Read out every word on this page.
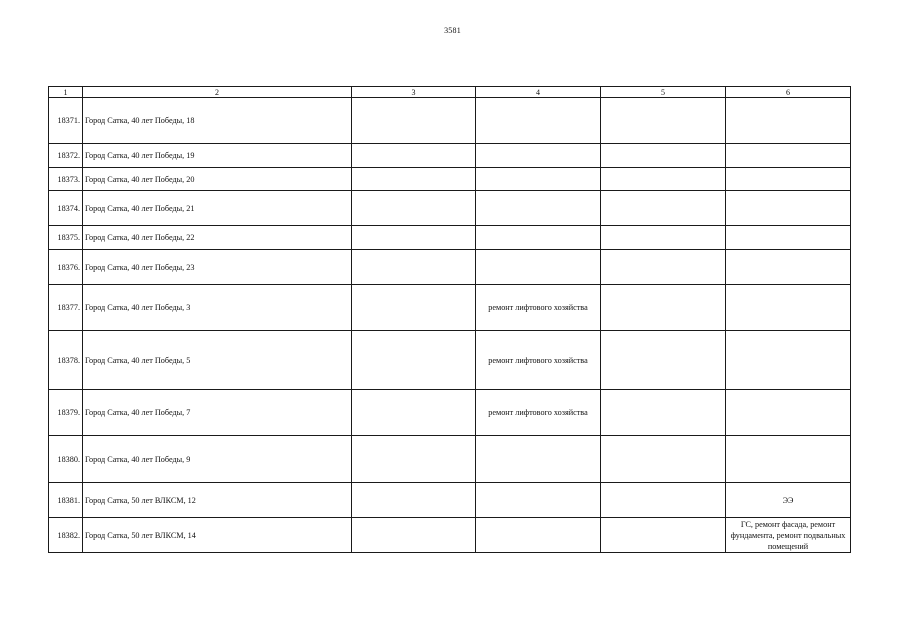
3581
1	2	3	4	5	6
18371.	Город Сатка, 40 лет Победы, 18				
18372.	Город Сатка, 40 лет Победы, 19				
18373.	Город Сатка, 40 лет Победы, 20				
18374.	Город Сатка, 40 лет Победы, 21				
18375.	Город Сатка, 40 лет Победы, 22				
18376.	Город Сатка, 40 лет Победы, 23				
18377.	Город Сатка, 40 лет Победы, 3		ремонт лифтового хозяйства		
18378.	Город Сатка, 40 лет Победы, 5		ремонт лифтового хозяйства		
18379.	Город Сатка, 40 лет Победы, 7		ремонт лифтового хозяйства		
18380.	Город Сатка, 40 лет Победы, 9				
18381.	Город Сатка, 50 лет ВЛКСМ, 12				ЭЭ
18382.	Город Сатка, 50 лет ВЛКСМ, 14				ГС, ремонт фасада, ремонт фундамента, ремонт подвальных помещений
